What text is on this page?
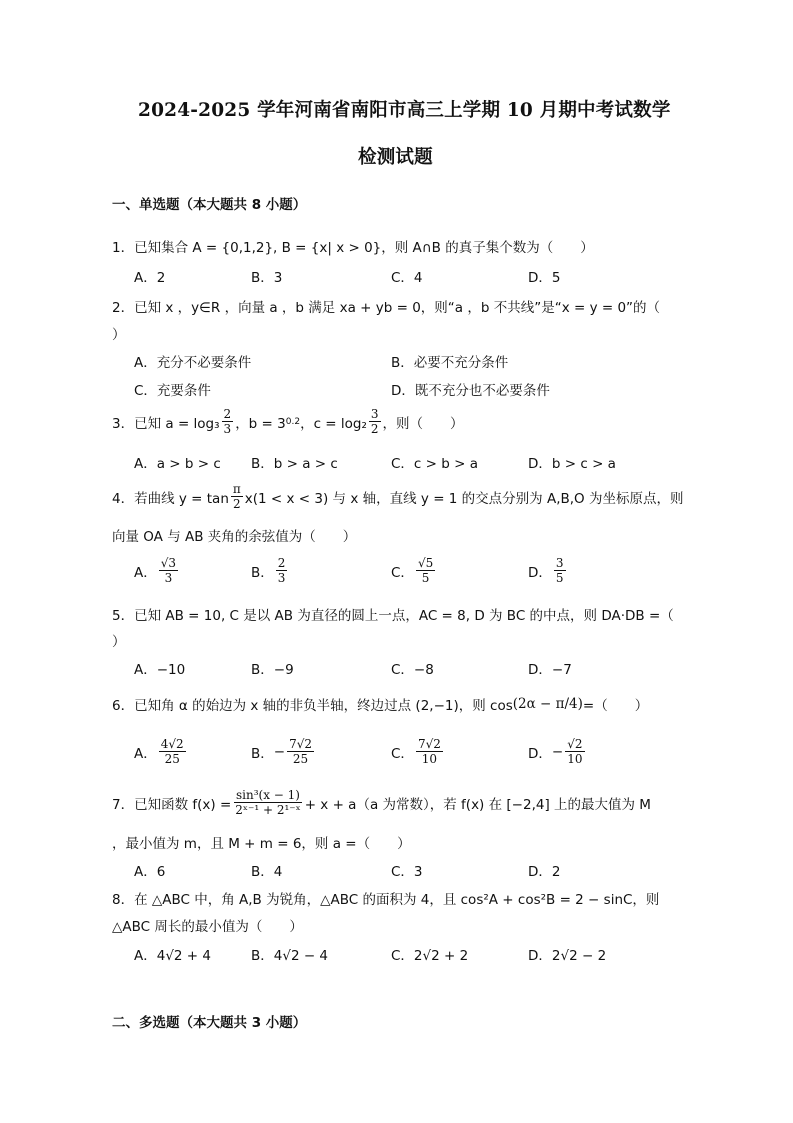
2024-2025 学年河南省南阳市高三上学期 10 月期中考试数学
检测试题
一、单选题（本大题共 8 小题）
1．已知集合 A = {0,1,2}, B = {x| x > 0}，则 A∩B 的真子集个数为（　　）
A．2	B．3	C．4	D．5
2．已知 x ，y∈R ，向量 a ，b 满足 xa + yb = 0，则“a ，b 不共线”是“x = y = 0”的（
）
A．充分不必要条件	B．必要不充分条件
C．充要条件	D．既不充分也不必要条件
3．已知 $a = \log_3 \frac{2}{3}$ ，b = 3 0.2 ，$c = \log_2 \frac{3}{2}$ ，则（　　）
A．a > b > c B．b > a > c	C．c > b > a	D．b > c > a
4．若曲线 $y = \tan \frac{\pi}{2} x(1 < x < 3)$ 与 x 轴，直线 y = 1 的交点分别为 A,B,O 为坐标原点，则
向量 OA 与 AB 夹角的余弦值为（　　）
A． $\frac{√3}{3}$	B． $\frac{2}{3}$	C． $\frac{√5}{5}$	D． $\frac{3}{5}$
5．已知 AB = 10, C 是以 AB 为直径的圆上一点，AC = 8, D 为 BC 的中点，则 DA·DB =（
）
A．−10	B．−9	C．−8	D．−7
6．已知角 α 的始边为 x 轴的非负半轴，终边过点 (2,−1)，则 cos (2α − π/4) =（　　）
A． $\frac{4√2}{25}$	B． − $\frac{7√2}{25}$	C． $\frac{7√2}{10}$	D． − $\frac{√2}{10}$
7．已知函数 $f(x) = \frac{\text{sin³(x − 1)}}{\text{2ˣ⁻¹ + 2¹⁻ˣ}} + x + a(a$ 为常数），若 f(x) 在 [−2,4] 上的最大值为 M
，最小值为 m，且 M + m = 6，则 a =（　　）
A．6	B．4	C．3	D．2
8．在 △ABC 中，角 A,B 为锐角，△ABC 的面积为 4，且 cos²A + cos²B = 2 − sinC，则
△ABC 周长的最小值为（　　）
A．4√2 + 4	B．4√2 − 4	C．2√2 + 2	D．2√2 − 2
二、多选题（本大题共 3 小题）
